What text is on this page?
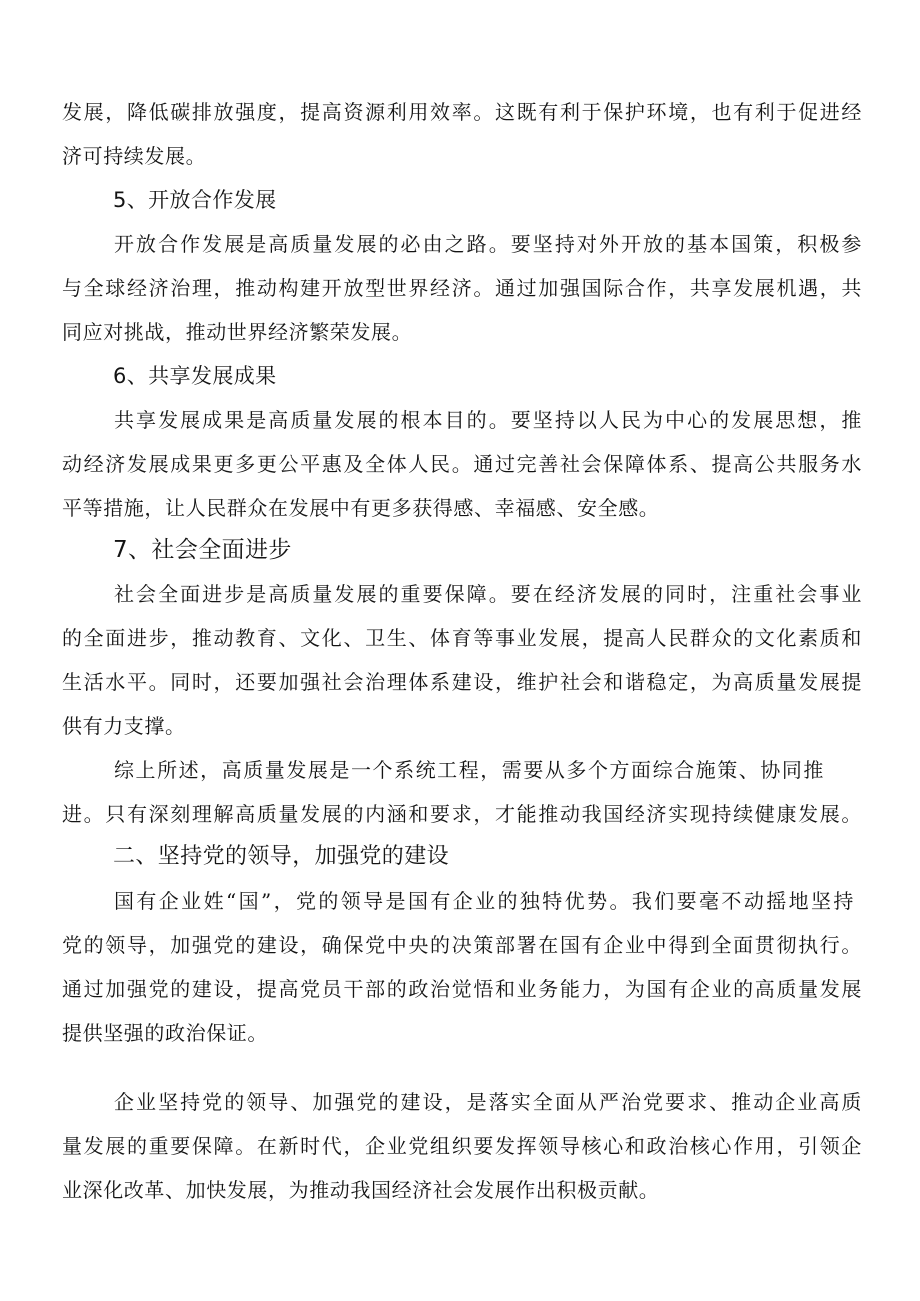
发展，降低碳排放强度，提高资源利用效率。这既有利于保护环境，也有利于促进经
济可持续发展。
5、开放合作发展
开放合作发展是高质量发展的必由之路。要坚持对外开放的基本国策，积极参
与全球经济治理，推动构建开放型世界经济。通过加强国际合作，共享发展机遇，共
同应对挑战，推动世界经济繁荣发展。
6、共享发展成果
共享发展成果是高质量发展的根本目的。要坚持以人民为中心的发展思想，推
动经济发展成果更多更公平惠及全体人民。通过完善社会保障体系、提高公共服务水
平等措施，让人民群众在发展中有更多获得感、幸福感、安全感。
7、社会全面进步
社会全面进步是高质量发展的重要保障。要在经济发展的同时，注重社会事业
的全面进步，推动教育、文化、卫生、体育等事业发展，提高人民群众的文化素质和
生活水平。同时，还要加强社会治理体系建设，维护社会和谐稳定，为高质量发展提
供有力支撑。
综上所述，高质量发展是一个系统工程，需要从多个方面综合施策、协同推
进。只有深刻理解高质量发展的内涵和要求，才能推动我国经济实现持续健康发展。
二、坚持党的领导，加强党的建设
国有企业姓“国”，党的领导是国有企业的独特优势。我们要毫不动摇地坚持
党的领导，加强党的建设，确保党中央的决策部署在国有企业中得到全面贯彻执行。
通过加强党的建设，提高党员干部的政治觉悟和业务能力，为国有企业的高质量发展
提供坚强的政治保证。
企业坚持党的领导、加强党的建设，是落实全面从严治党要求、推动企业高质
量发展的重要保障。在新时代，企业党组织要发挥领导核心和政治核心作用，引领企
业深化改革、加快发展，为推动我国经济社会发展作出积极贡献。
